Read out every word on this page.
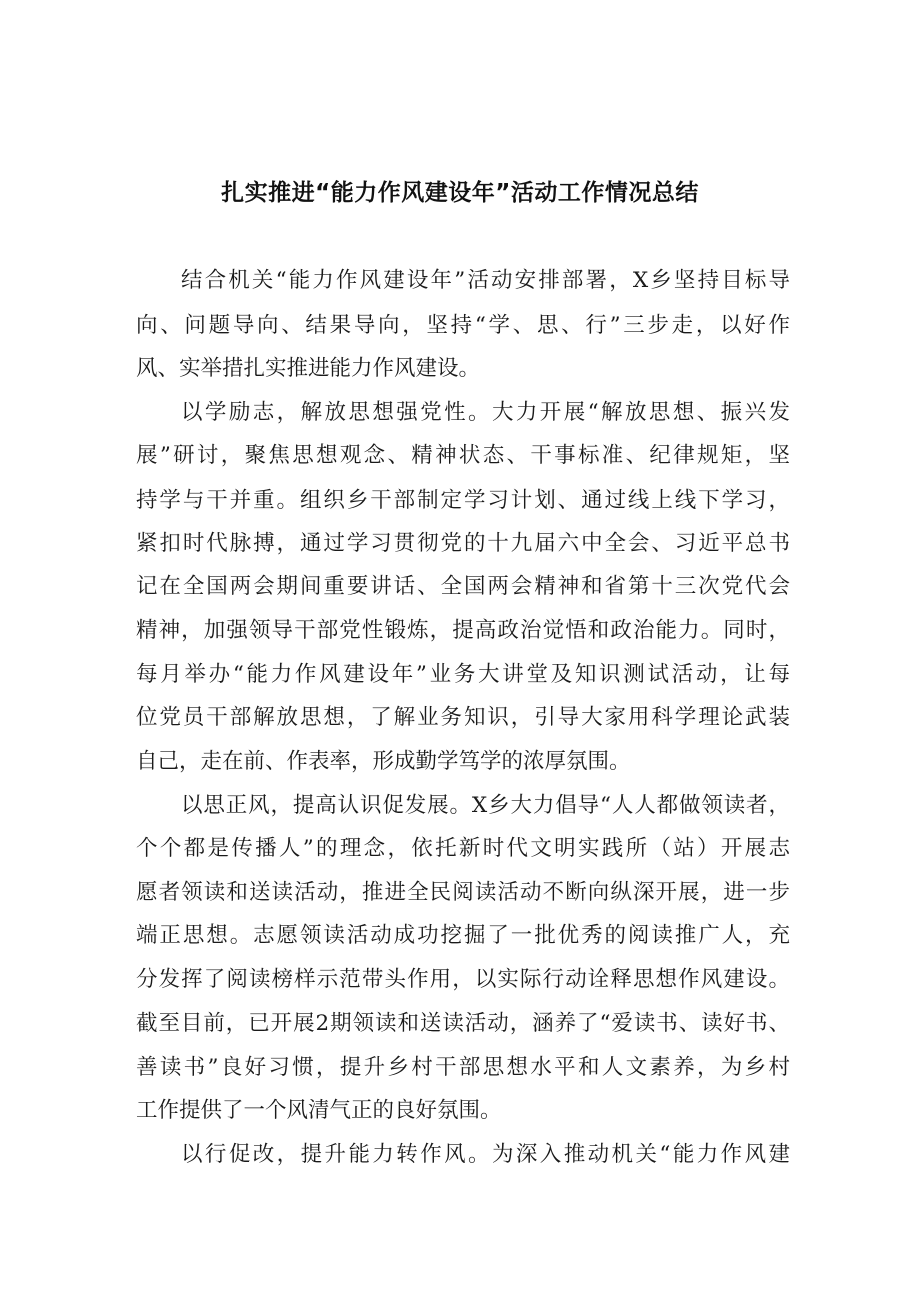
扎实推进“能力作风建设年”活动工作情况总结
结合机关“能力作风建设年”活动安排部署，X乡坚持目标导
向、问题导向、结果导向，坚持“学、思、行”三步走，以好作
风、实举措扎实推进能力作风建设。
以学励志，解放思想强党性。大力开展“解放思想、振兴发
展”研讨，聚焦思想观念、精神状态、干事标准、纪律规矩，坚
持学与干并重。组织乡干部制定学习计划、通过线上线下学习，
紧扣时代脉搏，通过学习贯彻党的十九届六中全会、习近平总书
记在全国两会期间重要讲话、全国两会精神和省第十三次党代会
精神，加强领导干部党性锻炼，提高政治觉悟和政治能力。同时，
每月举办“能力作风建设年”业务大讲堂及知识测试活动，让每
位党员干部解放思想，了解业务知识，引导大家用科学理论武装
自己，走在前、作表率，形成勤学笃学的浓厚氛围。
以思正风，提高认识促发展。X乡大力倡导“人人都做领读者，
个个都是传播人”的理念，依托新时代文明实践所（站）开展志
愿者领读和送读活动，推进全民阅读活动不断向纵深开展，进一步
端正思想。志愿领读活动成功挖掘了一批优秀的阅读推广人，充
分发挥了阅读榜样示范带头作用，以实际行动诠释思想作风建设。
截至目前，已开展2期领读和送读活动，涵养了“爱读书、读好书、
善读书”良好习惯，提升乡村干部思想水平和人文素养，为乡村
工作提供了一个风清气正的良好氛围。
以行促改，提升能力转作风。为深入推动机关“能力作风建
